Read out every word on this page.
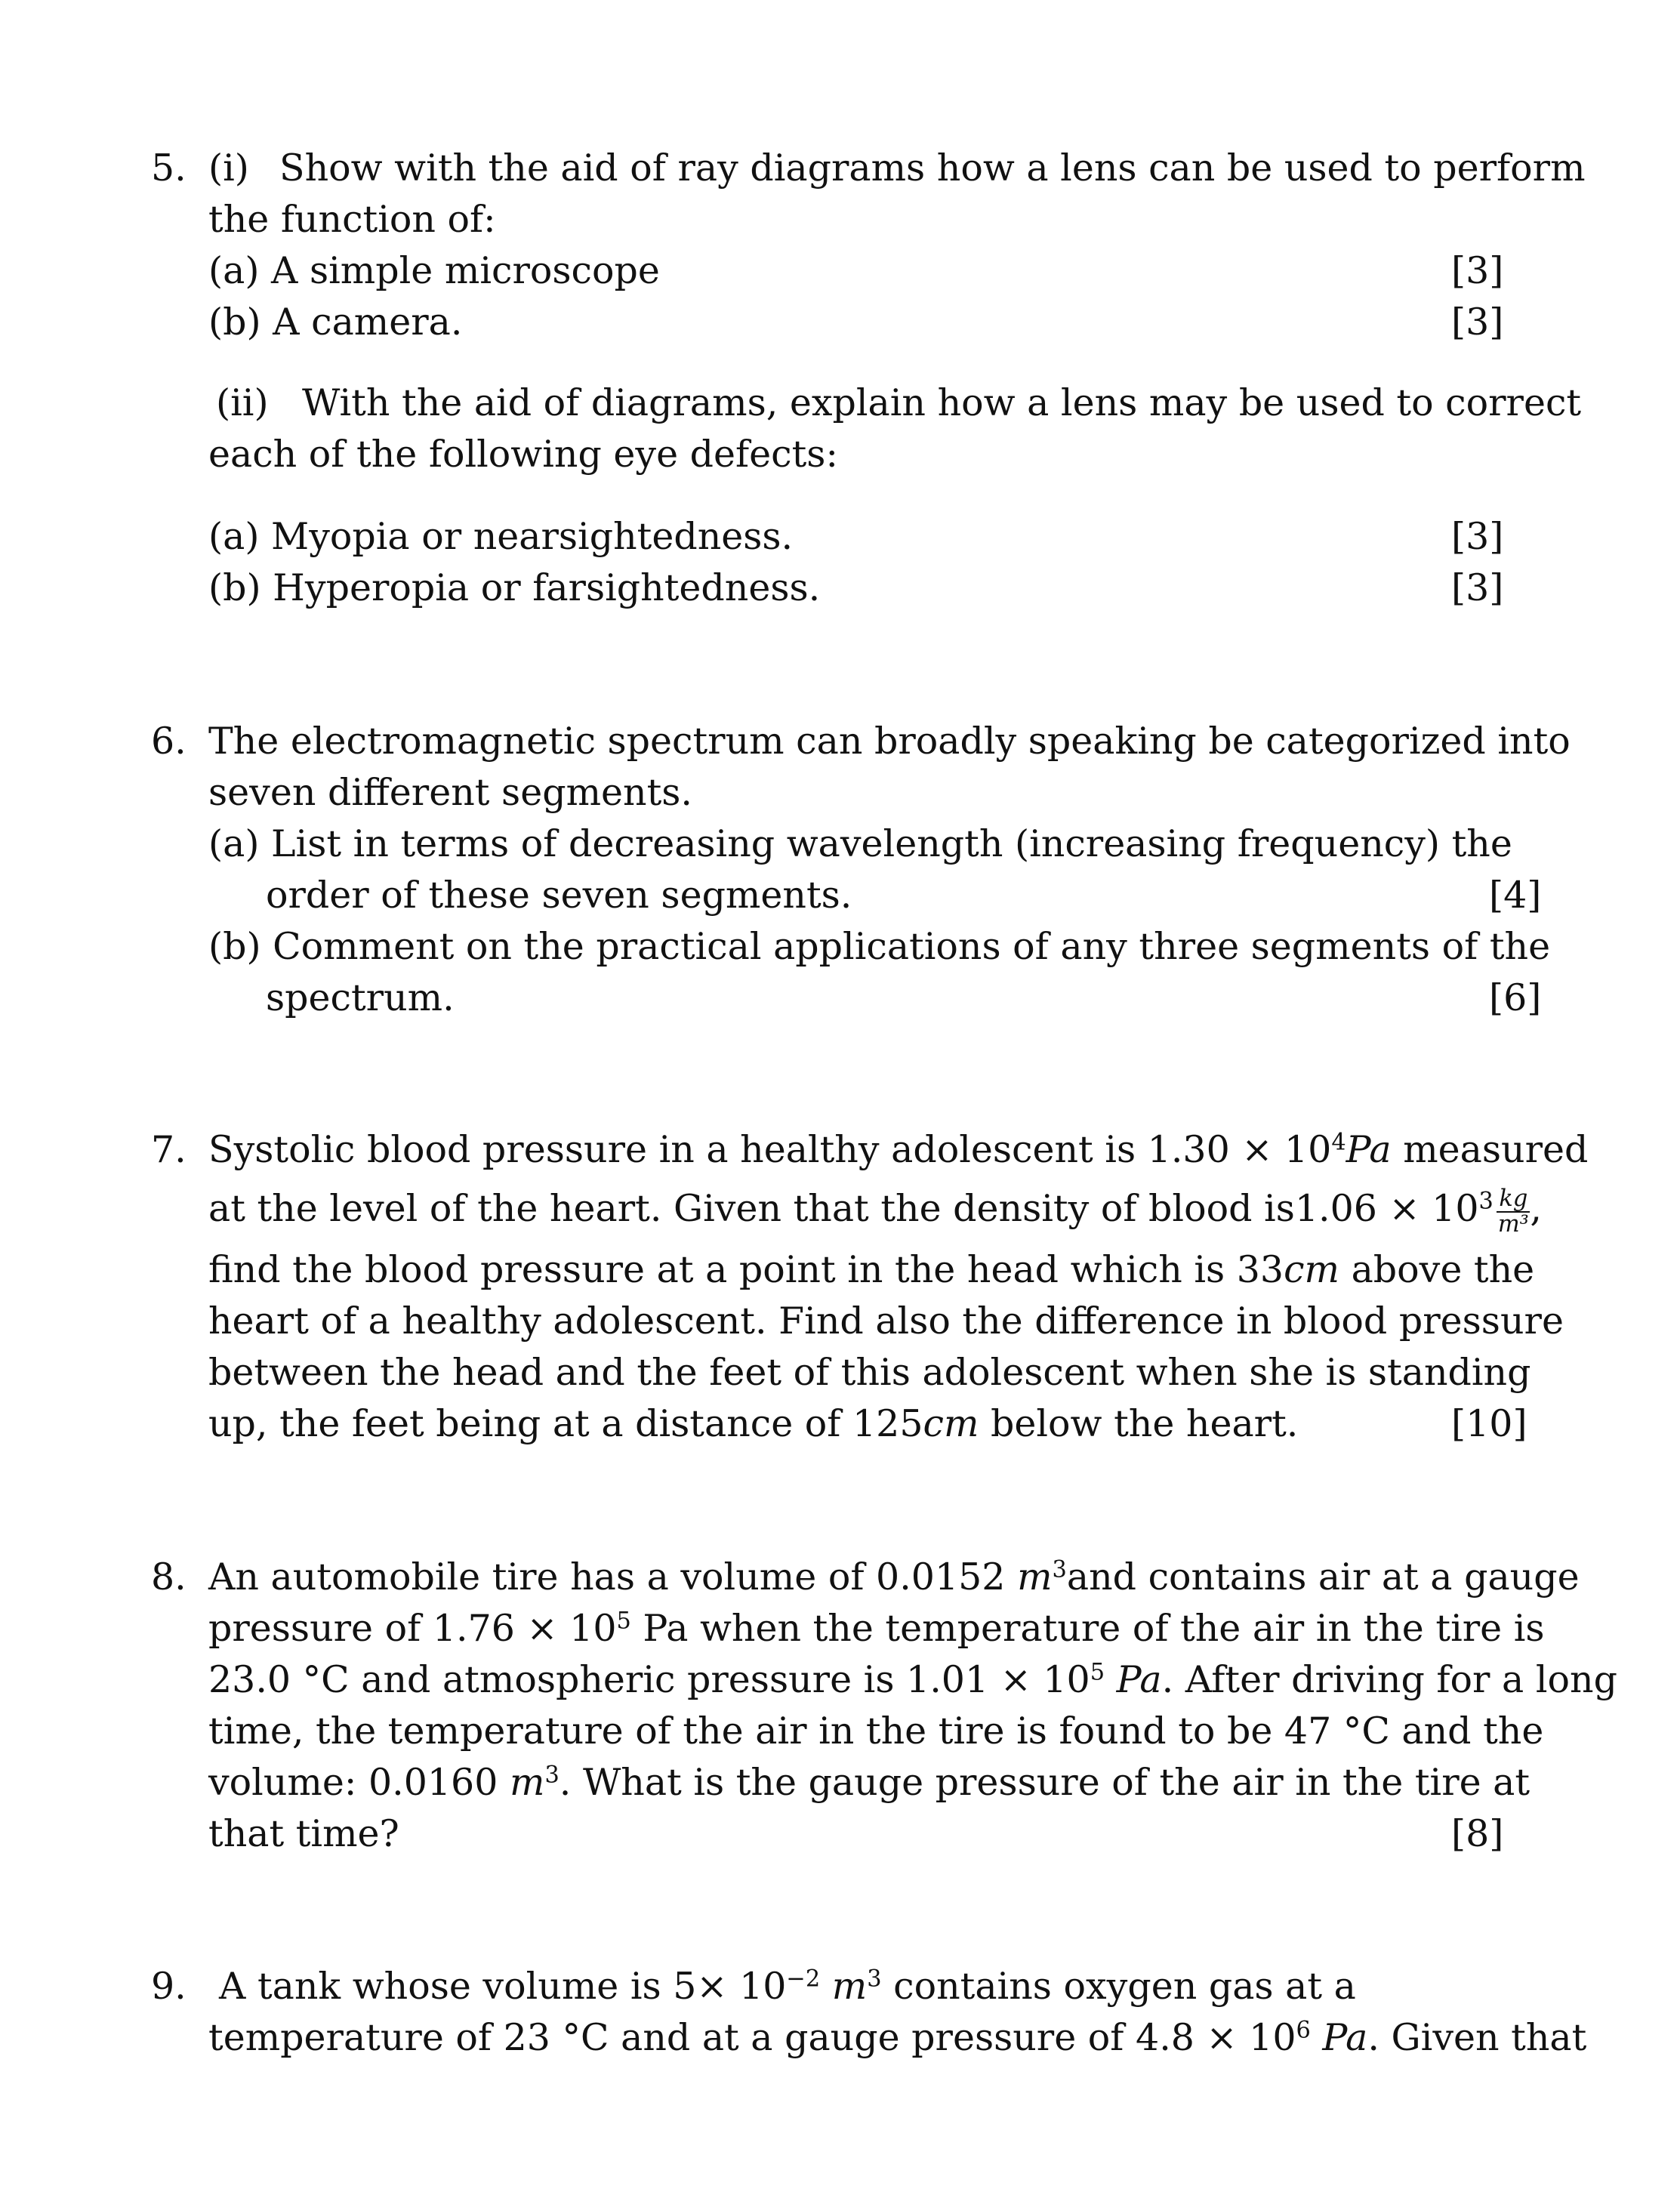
5. (i) Show with the aid of ray diagrams how a lens can be used to perform
the function of:
(a) A simple microscope	[3]
(b) A camera.	[3]
(ii) With the aid of diagrams, explain how a lens may be used to correct
each of the following eye defects:
(a) Myopia or nearsightedness.	[3]
(b) Hyperopia or farsightedness.	[3]
6. The electromagnetic spectrum can broadly speaking be categorized into
seven different segments.
(a) List in terms of decreasing wavelength (increasing frequency) the
order of these seven segments.	[4]
(b) Comment on the practical applications of any three segments of the
spectrum.	[6]
7. Systolic blood pressure in a healthy adolescent is $1.30 \times 10^4Pa$ measured
at the level of the heart. Given that the density of blood $is1.06 \times 10^3 \frac{kg}{\text{m³}}$ ,
find the blood pressure at a point in the head which is 33cm above the
heart of a healthy adolescent. Find also the difference in blood pressure
between the head and the feet of this adolescent when she is standing
up, the feet being at a distance of 125cm below the heart.	[10]
8. An automobile tire has a volume of 0.0152 $m^3and$ contains air at a gauge
pressure of $1.76 \times 10^5$ Pa when the temperature of the air in the tire is
23.0 °C and atmospheric pressure is $1.01 \times 10^5$ Pa. After driving for a long
time, the temperature of the air in the tire is found to be 47 °C and the
volume: 0.0160 $m^3$. What is the gauge pressure of the air in the tire at
that time?	[8]
9. A tank whose volume is $5\times 10^{-2}$ $m^3$ contains oxygen gas at a
temperature of 23 °C and at a gauge pressure of $4.8 \times 10^6$ Pa. Given that
